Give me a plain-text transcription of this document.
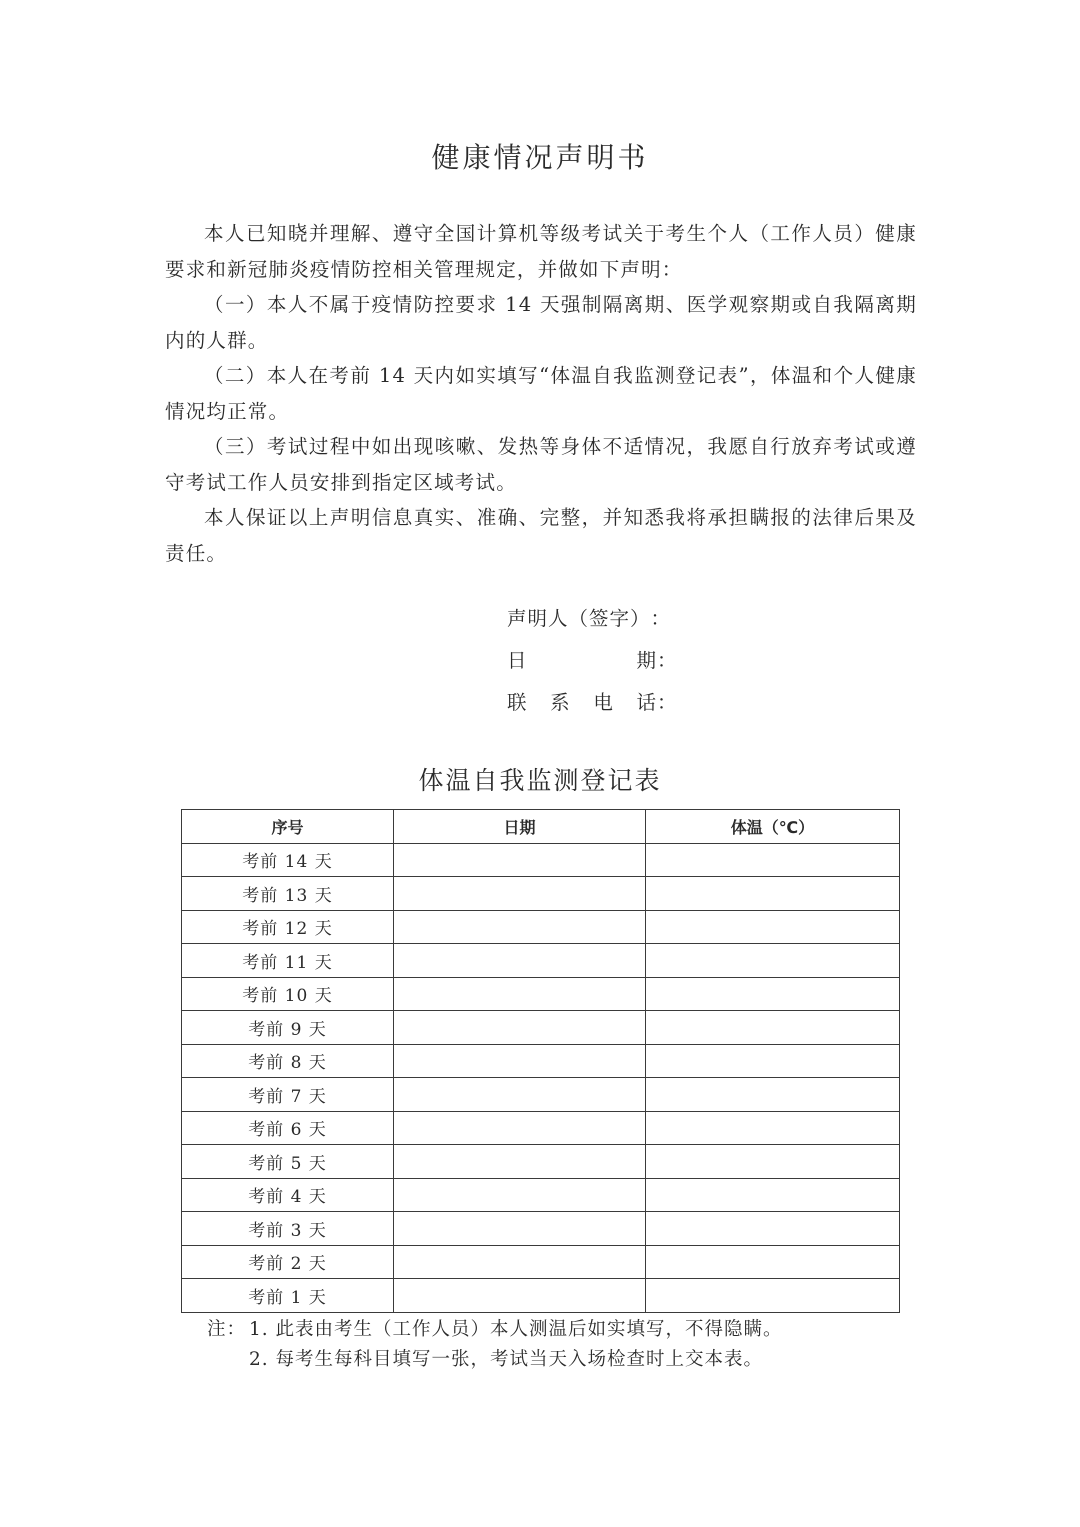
健康情况声明书

本人已知晓并理解、遵守全国计算机等级考试关于考生个人（工作人员）健康要求和新冠肺炎疫情防控相关管理规定，并做如下声明：

（一）本人不属于疫情防控要求 14 天强制隔离期、医学观察期或自我隔离期内的人群。

（二）本人在考前 14 天内如实填写“体温自我监测登记表”，体温和个人健康情况均正常。

（三）考试过程中如出现咳嗽、发热等身体不适情况，我愿自行放弃考试或遵守考试工作人员安排到指定区域考试。

本人保证以上声明信息真实、准确、完整，并知悉我将承担瞒报的法律后果及责任。

声明人（签字） ：
日期 ：
联系电话 ：
体温自我监测登记表
序号	日期	体温（℃）
考前 14 天		
考前 13 天		
考前 12 天		
考前 11 天		
考前 10 天		
考前 9 天		
考前 8 天		
考前 7 天		
考前 6 天		
考前 5 天		
考前 4 天		
考前 3 天		
考前 2 天		
考前 1 天		
注： 1. 此表由考生（工作人员）本人测温后如实填写，不得隐瞒。
2. 每考生每科目填写一张，考试当天入场检查时上交本表。
